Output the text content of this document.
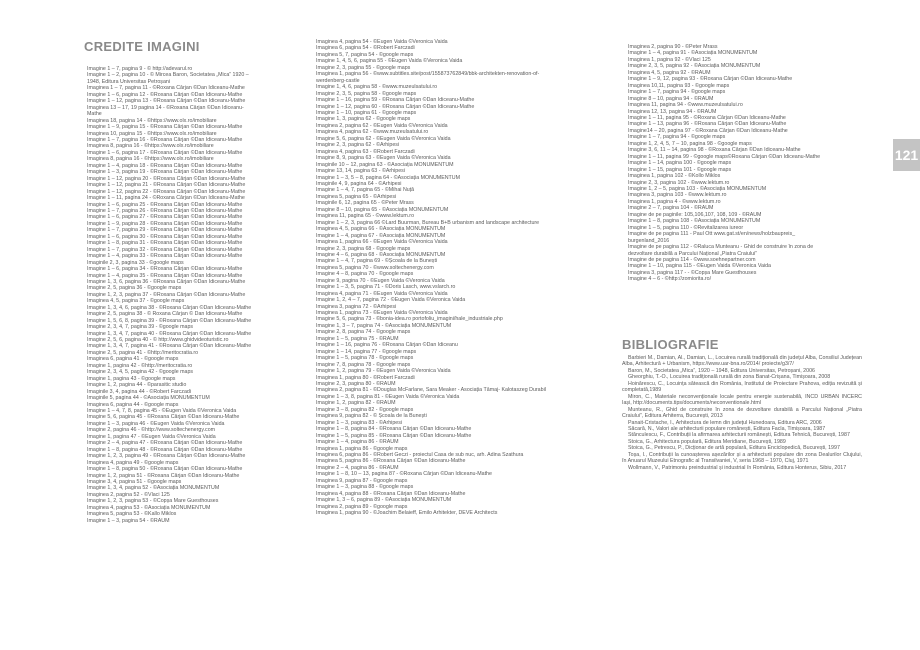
CREDITE IMAGINI
Imagine 1 – 7, pagina 9 - © http://adevarul.ro
Imagine 1 – 2, pagina 10 - © Mircea Baron, Societatea „Mica” 1920 –
1948, Editura Universitas Petroșani
Imaginea 1 – 7, pagina 11 - ©Roxana Cârjan ©Dan Idiceanu-Mathe
Imagine 1 – 6, pagina 12 - ©Roxana Cârjan ©Dan Idiceanu-Mathe
Imagine 1 – 12, pagina 13 - ©Roxana Cârjan ©Dan Idiceanu-Mathe
Imaginea 13 – 17, 19 pagina 14 - ©Roxana Cârjan ©Dan Idiceanu-
Mathe
Imaginea 18, pagina 14 - ©https://www.olx.ro/imobiliare
Imagine 1 – 9, pagina 15 - ©Roxana Cârjan ©Dan Idiceanu-Mathe
Imaginea 10, pagina 15 - ©https://www.olx.ro/imobiliare
Imagine 1 – 7, pagina 16 - ©Roxana Cârjan ©Dan Idiceanu-Mathe
Imaginea 8, pagina 16 - ©https://www.olx.ro/imobiliare
Imagine 1 – 6, pagina 17 - ©Roxana Cârjan ©Dan Idiceanu-Mathe
Imaginea 8, pagina 16 - ©https://www.olx.ro/imobiliare
Imagine 1 – 4, pagina 18 - ©Roxana Cârjan ©Dan Idiceanu-Mathe
Imagine 1 – 3, pagina 19 - ©Roxana Cârjan ©Dan Idiceanu-Mathe
Imagine 1 – 12, pagina 20 - ©Roxana Cârjan ©Dan Idiceanu-Mathe
Imagine 1 – 12, pagina 21 - ©Roxana Cârjan ©Dan Idiceanu-Mathe
Imagine 1 – 12, pagina 22 - ©Roxana Cârjan ©Dan Idiceanu-Mathe
Imagine 1 – 11, pagina 24 - ©Roxana Cârjan ©Dan Idiceanu-Mathe
Imagine 1 – 6, pagina 25 - ©Roxana Cârjan ©Dan Idiceanu-Mathe
Imagine 1 – 7, pagina 26 - ©Roxana Cârjan ©Dan Idiceanu-Mathe
Imagine 1 – 6, pagina 27 - ©Roxana Cârjan ©Dan Idiceanu-Mathe
Imagine 1 – 9, pagina 28 - ©Roxana Cârjan ©Dan Idiceanu-Mathe
Imagine 1 – 7, pagina 29 - ©Roxana Cârjan ©Dan Idiceanu-Mathe
Imagine 1 – 6, pagina 30 - ©Roxana Cârjan ©Dan Idiceanu-Mathe
Imagine 1 – 8, pagina 31 - ©Roxana Cârjan ©Dan Idiceanu-Mathe
Imagine 1 – 7, pagina 32 - ©Roxana Cârjan ©Dan Idiceanu-Mathe
Imagine 1 – 4, pagina 33 - ©Roxana Cârjan ©Dan Idiceanu-Mathe
Imaginile 2, 3, pagina 33 - ©google maps
Imagine 1 – 6, pagina 34 - ©Roxana Cârjan ©Dan Idiceanu-Mathe
Imagine 1 – 4, pagina 35 - ©Roxana Cârjan ©Dan Idiceanu-Mathe
Imagine 1, 3, 6, pagina 36 - ©Roxana Cârjan ©Dan Idiceanu-Mathe
Imagine 2, 5, pagina 36 - ©google maps
Imagine 1, 2, 3, pagina 37 - ©Roxana Cârjan ©Dan Idiceanu-Mathe
Imaginea 4, 5, pagina 37 - ©google maps
Imagine 1, 3, 4, 6, pagina 38 - ©Roxana Cârjan ©Dan Idiceanu-Mathe
Imagine 2, 5, pagina 38 - © Roxana Cârjan © Dan Idiceanu-Mathe
Imagine 1, 5, 6, 8, pagina 39 - ©Roxana Cârjan ©Dan Idiceanu-Mathe
Imagine 2, 3, 4, 7, pagina 39 - ©google maps
Imagine 1, 3, 4, 7, pagina 40 - ©Roxana Cârjan ©Dan Idiceanu-Mathe
Imagine 2, 5, 6, pagina 40 - © http://www.ghidvideoturistic.ro
Imagine 1, 3, 4, 7, pagina 41 - ©Roxana Cârjan ©Dan Idiceanu-Mathe
Imagine 2, 5, pagina 41 - ©http://meritocratia.ro
Imaginea 6, pagina 41 - ©google maps
Imagine 1, pagina 42 - ©http://meritocratia.ro
Imagine 2, 3, 4, 5, pagina 42 - ©google maps
Imagine 1, pagina 43 - ©google maps
Imagine 1, 2, pagina 44 - ©parasitic studio
Imaginile 3, 4, pagina 44 - ©Robert Farczadi
Imaginile 5, pagina 44 - ©Asociația MONUMENTUM
Imaginea 6, pagina 44 - ©google maps
Imagine 1 – 4, 7, 8, pagina 45 - ©Eugen Vaida ©Veronica Vaida
Imagine 5, 6, pagina 45 - ©Roxana Cârjan ©Dan Idiceanu-Mathe
Imagine 1 – 3, pagina 46 - ©Eugen Vaida ©Veronica Vaida
Imagine 2, pagina 46 - ©http://www.soltechenergy.com
Imagine 1, pagina 47 - ©Eugen Vaida ©Veronica Vaida
Imagine 2 – 4, pagina 47 - ©Roxana Cârjan ©Dan Idiceanu-Mathe
Imagine 1 – 8, pagina 48 - ©Roxana Cârjan ©Dan Idiceanu-Mathe
Imagine 1, 2, 3, pagina 49 - ©Roxana Cârjan ©Dan Idiceanu-Mathe
Imaginea 4, pagina 49 - ©google maps
Imagine 1 – 8, pagina 50 - ©Roxana Cârjan ©Dan Idiceanu-Mathe
Imagine 1, 2, pagina 51 - ©Roxana Cârjan ©Dan Idiceanu-Mathe
Imagine 3, 4, pagina 51 - ©google maps
Imagine 1, 3, 4, pagina 52 - ©Asociația MONUMENTUM
Imaginea 2, pagina 52 - ©Vlaci 125
Imagine 1, 2, 3, pagina 53 - ©Copșa Mare Guesthouses
Imaginea 4, pagina 53 - ©Asociația MONUMENTUM
Imaginea 5, pagina 53 - ©Kallo Miklos
Imagine 1 – 3, pagina 54 - ©RAUM
Imaginea 4, pagina 54 - ©Eugen Vaida ©Veronica Vaida
Imaginea 6, pagina 54 - ©Robert Farczadi
Imaginea 5, 7, pagina 54 - ©google maps
Imagine 1, 4, 5, 6, pagina 55 - ©Eugen Vaida ©Veronica Vaida
Imagine 2, 3, pagina 55 - ©google maps
Imaginea 1, pagina 56 - ©www.subtitles.site/post/155873762849/bbk-architekten-renovation-of-
werdenberg-castle
Imagine 1, 4, 6, pagina 58 - ©www.muzeulsatului.ro
Imagine 2, 3, 5, pagina 58 - ©google maps
Imagine 1 – 16, pagina 59 - ©Roxana Cârjan ©Dan Idiceanu-Mathe
Imagine 1 – 12, pagina 60 - ©Roxana Cârjan ©Dan Idiceanu-Mathe
Imagine 1 – 10, pagina 61 - ©google maps
Imagine 1, 3, pagina 62 - ©google maps
Imaginea 2, pagina 62 - ©Eugen Vaida ©Veronica Vaida
Imaginea 4, pagina 62 - ©www.muzeulsatului.ro
Imagine 5, 6, pagina 62 - ©Eugen Vaida ©Veronica Vaida
Imagine 2, 3, pagina 62 - ©Arhipesi
Imaginea 4, pagina 63 - ©Robert Farczadi
Imagine 8, 9, pagina 63 - ©Eugen Vaida ©Veronica Vaida
Imaginile 10 – 12, pagina 63 - ©Asociația MONUMENTUM
Imagine 13, 14, pagina 63 - ©Arhipesi
Imagine 1 – 3, 5 – 8, pagina 64 - ©Asociația MONUMENTUM
Imaginile 4, 9, pagina 64 - ©Arhipesi
Imagine 1 – 4, 7, pagina 65 - ©Mihai Nuță
Imaginea 5, pagina 65 - ©Arhipesi
Imaginile 6, 12, pagina 65 - ©Peter Mrass
Imagine 8 – 10, pagina 65 - ©Asociația MONUMENTUM
Imaginea 11, pagina 65 - ©www.lektum.ro
Imagine 1 – 2, 3, pagina 66 ©Lard Buurman, Bureau B+B urbanism and landscape architecture
Imaginea 4, 5, pagina 66 - ©Asociația MONUMENTUM
Imagine 1 – 4, pagina 67 - ©Asociația MONUMENTUM
Imaginea 1, pagina 66 - ©Eugen Vaida ©Veronica Vaida
Imagine 2, 3, pagina 68 - ©google maps
Imagine 4 – 6, pagina 68 - ©Asociația MONUMENTUM
Imagine 1 – 4, 7, pagina 69 - ©Școala de la Bunești
Imaginea 5, pagina 70 - ©www.soltechenergy.com
Imagine 4 – 8, pagina 70 - ©google maps
Imagine 9, pagina 70 - ©Eugen Vaida ©Veronica Vaida
Imagine 1 – 3, 5, pagina 71 - ©Doris Lasch, www.vslarch.ro
Imaginea 4, pagina 71 - ©Eugen Vaida ©Veronica Vaida
Imagine 1, 2, 4 – 7, pagina 72 - ©Eugen Vaida ©Veronica Vaida
Imaginea 3, pagina 72 - ©Arhipesi
Imaginea 1, pagina 73 - ©Eugen Vaida ©Veronica Vaida
Imagine 5, 6, pagina 73 - ©bonia-idea.ro portofoliu_imagini/hale_industriale.php
Imagine 1, 3 – 7, pagina 74 - ©Asociația MONUMENTUM
Imagine 2, 8, pagina 74 - ©google maps
Imagine 1 – 5, pagina 75 - ©RAUM
Imagine 1 – 16, pagina 76 - ©Roxana Cârjan ©Dan Idiceanu
Imagine 1 – 14, pagina 77 - ©google maps
Imagine 1 – 5, pagina 78 - ©google maps
Imagine 7, 8, pagina 78 - ©google maps
Imagine 1, 2, pagina 79 - ©Eugen Vaida ©Veronica Vaida
Imaginea 1, pagina 80 - ©Robert Farczadi
Imagine 2, 3, pagina 80 - ©RAUM
Imaginea 2, pagina 81 - ©Douglas McFarlane, Sara Meaker - Asociația Tâmaj- Kalotaszeg Durabil
Imagine 1 – 3, 8, pagina 81 - ©Eugen Vaida ©Veronica Vaida
Imagine 1, 2, pagina 82 - ©RAUM
Imagine 3 – 8, pagina 82 - ©google maps
Imaginea 9, pagina 82 - © Școala de la Bunești
Imagine 1 – 3, pagina 83 - ©Arhipesi
Imagine 1 – 8, pagina 84 - ©Roxana Cârjan ©Dan Idiceanu-Mathe
Imagine 1 – 5, pagina 85 - ©Roxana Cârjan ©Dan Idiceanu-Mathe
Imagine 1 – 4, pagina 86 - ©RAUM
Imaginea 1, pagina 86 - ©google maps
Imaginea 6, pagina 86 - ©Robert Geczi - proiectul Casa de sub nuc, arh. Adina Szathura
Imaginea 5, pagina 86 - ©Roxana Cârjan ©Dan Idiceanu-Mathe
Imagine 2 – 4, pagina 86 - ©RAUM
Imagine 1 – 8, 10 – 13, pagina 87 - ©Roxana Cârjan ©Dan Idiceanu-Mathe
Imaginea 9, pagina 87 - ©google maps
Imagine 1 – 3, pagina 88 - ©google maps
Imaginea 4, pagina 88 - ©Roxana Cârjan ©Dan Idiceanu-Mathe
Imagine 1, 3 – 6, pagina 89 - ©Asociația MONUMENTUM
Imaginea 2, pagina 89 - ©google maps
Imaginea 1, pagina 90 - ©Joachim Belaieff, Emilo Arhitekter, DEVE Architects
Imaginea 2, pagina 90 - ©Peter Mrass
Imagine 1 – 4, pagina 91 - ©Asociația MONUMENTUM
Imaginea 1, pagina 92 - ©Vlaci 125
Imagine 2, 3, 5, pagina 92 - ©Asociația MONUMENTUM
Imaginea 4, 5, pagina 92 - ©RAUM
Imagine 1 – 9, 12, pagina 93 - ©Roxana Cârjan ©Dan Idiceanu-Mathe
Imaginea 10,11, pagina 93 - ©google maps
Imagine 1 – 7, pagina 94 - ©google maps
Imagine 8 – 10, pagina 94 - ©RAUM
Imaginea 11, pagina 94 - ©www.muzeulsatului.ro
Imaginea 12, 13, pagina 94 - ©RAUM
Imagine 1 – 11, pagina 95 - ©Roxana Cârjan ©Dan Idiceanu-Mathe
Imagine 1 – 13, pagina 96 - ©Roxana Cârjan ©Dan Idiceanu-Mathe
Imagine14 – 20, pagina 97 - ©Roxana Cârjan ©Dan Idiceanu-Mathe
Imagine 1 – 7, pagina 94 - ©google maps
Imagine 1, 2, 4, 5, 7 – 10, pagina 98 - ©google maps
Imagine 3, 6, 11 – 14, pagina 98 - ©Roxana Cârjan ©Dan Idiceanu-Mathe
Imagine 1 – 11, pagina 99 - ©google maps©Roxana Cârjan ©Dan Idiceanu-Mathe
Imagine 1 – 14, pagina 100 - ©google maps
Imagine 1 – 15, pagina 101 - ©google maps
Imaginea 1, pagina 102 - ©Kollo Miklos
Imagine 2, 3, pagina 102 - ©www.lektum.ro
Imagine 1, 2 – 5, pagina 103 - ©Asociația MONUMENTUM
Imaginea 3, pagina 103 - ©www.lektum.ro
Imaginea 1, pagina 4 - ©www.lektum.ro
Imagine 2 – 7, pagina 104 - ©RAUM
Imagine de pe paginile: 105,106,107, 108, 109 - ©RAUM
Imagine 1 – 8, pagina 108 - ©Asociația MONUMENTUM
Imagine 1 – 5, pagina 110 - ©Revitalizarea iureor
Imagine de pe pagina 111 - Paul Ott www.gat.st/en/news/holzbaupreis_
burgenland_2016
Imagine de pe pagina 112 - ©Raluca Munteanu - Ghid de construire în zona de
dezvoltare durabilă a Parcului Național „Piatra Craiului”
Imagine de pe pagina 114 - ©www.soehnepartner.com
Imagine 1 – 10, pagina 115 - ©Eugen Vaida ©Veronica Vaida
Imaginea 3, pagina 117 - - ©Copșa Mare Guesthouses
Imagine 4 – 6 - ©http://zomiorita.ro/
BIBLIOGRAFIE
Barbieri M., Damian, Al., Damian, L., Locuirea rurală tradițională din județul Alba, Consiliul Județean Alba, Arhitectură + Urbanism, https://www.uar-bna.ro/2014/ proiecte/g3/7/
Baron, M., Societatea „Mica”, 1920 – 1948, Editura Universitas, Petroșani, 2006
Gheorghiu, T.-O., Locuirea tradițională rurală din zona Banat-Crișana, Timișoara, 2008
Hoinărescu, C., Locuința sătească din România, Institutul de Proiectare Prahova, ediția revizuită și completată,1989
Miron, C., Materiale neconvenționale locale pentru energie sustenabilă, INCD URBAN INCERC Iași, http://documents.tips/documents/neconventionale.html
Munteanu, R., Ghid de construire în zona de dezvoltare durabilă a Parcului Național „Piatra Craiului”, Editura Arhiterra, București, 2013
Panait-Cristache, I., Arhitectura de lemn din județul Hunedoara, Editura ARC, 2006
Săcară, N., Valori ale arhitecturii populare românești, Editura Facla, Timișoara, 1987
Stănculescu, F., Contribuții la afirmarea arhitecturii românești, Editura Tehnică, București, 1987
Stoica, G., Arhitectura populară, Editura Meridiane, București, 1989
Stoica, G., Petrescu, P., Dicționar de artă populară, Editura Enciclopedică, București, 1997
Toșa, I., Contribuții la cunoașterea așezărilor și a arhitecturii populare din zona Dealurilor Clujului, în Anuarul Muzeului Etnografic al Transilvaniei, V, seria 1968 – 1970, Cluj, 1971
Wollmann, V., Patrimoniu preindustrial și industrial în România, Editura Honterus, Sibiu, 2017
121
